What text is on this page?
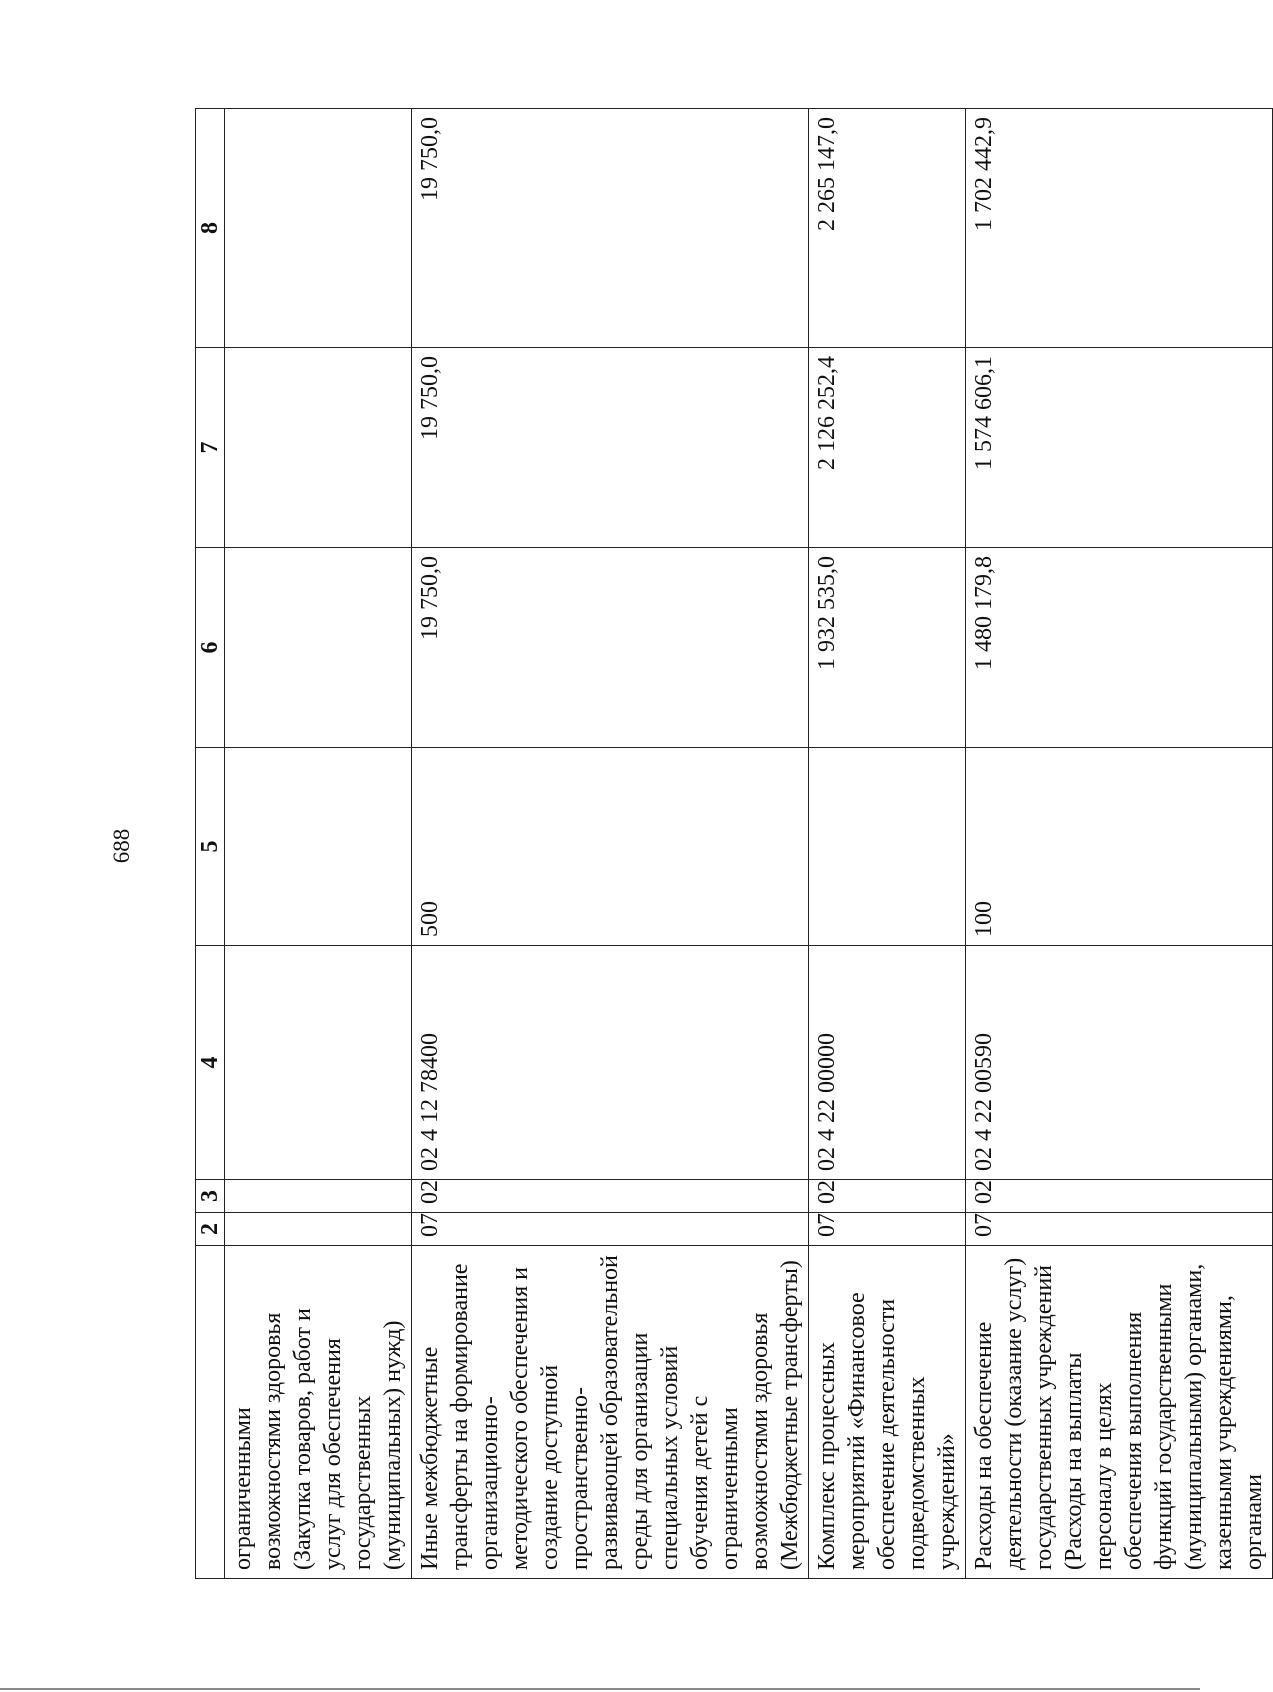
688
	2	3	4	5	6	7	8
ограниченными возможностями здоровья (Закупка товаров, работ и услуг для обеспечения государственных (муниципальных) нужд)							
Иные межбюджетные трансферты на формирование организационно-методического обеспечения и создание доступной пространственно-развивающей образовательной среды для организации специальных условий обучения детей с ограниченными возможностями здоровья (Межбюджетные трансферты)	07	02	02 4 12 78400	500	19 750,0	19 750,0	19 750,0
Комплекс процессных мероприятий «Финансовое обеспечение деятельности подведомственных учреждений»	07	02	02 4 22 00000		1 932 535,0	2 126 252,4	2 265 147,0
Расходы на обеспечение деятельности (оказание услуг) государственных учреждений (Расходы на выплаты персоналу в целях обеспечения выполнения функций государственными (муниципальными) органами, казенными учреждениями, органами	07	02	02 4 22 00590	100	1 480 179,8	1 574 606,1	1 702 442,9
